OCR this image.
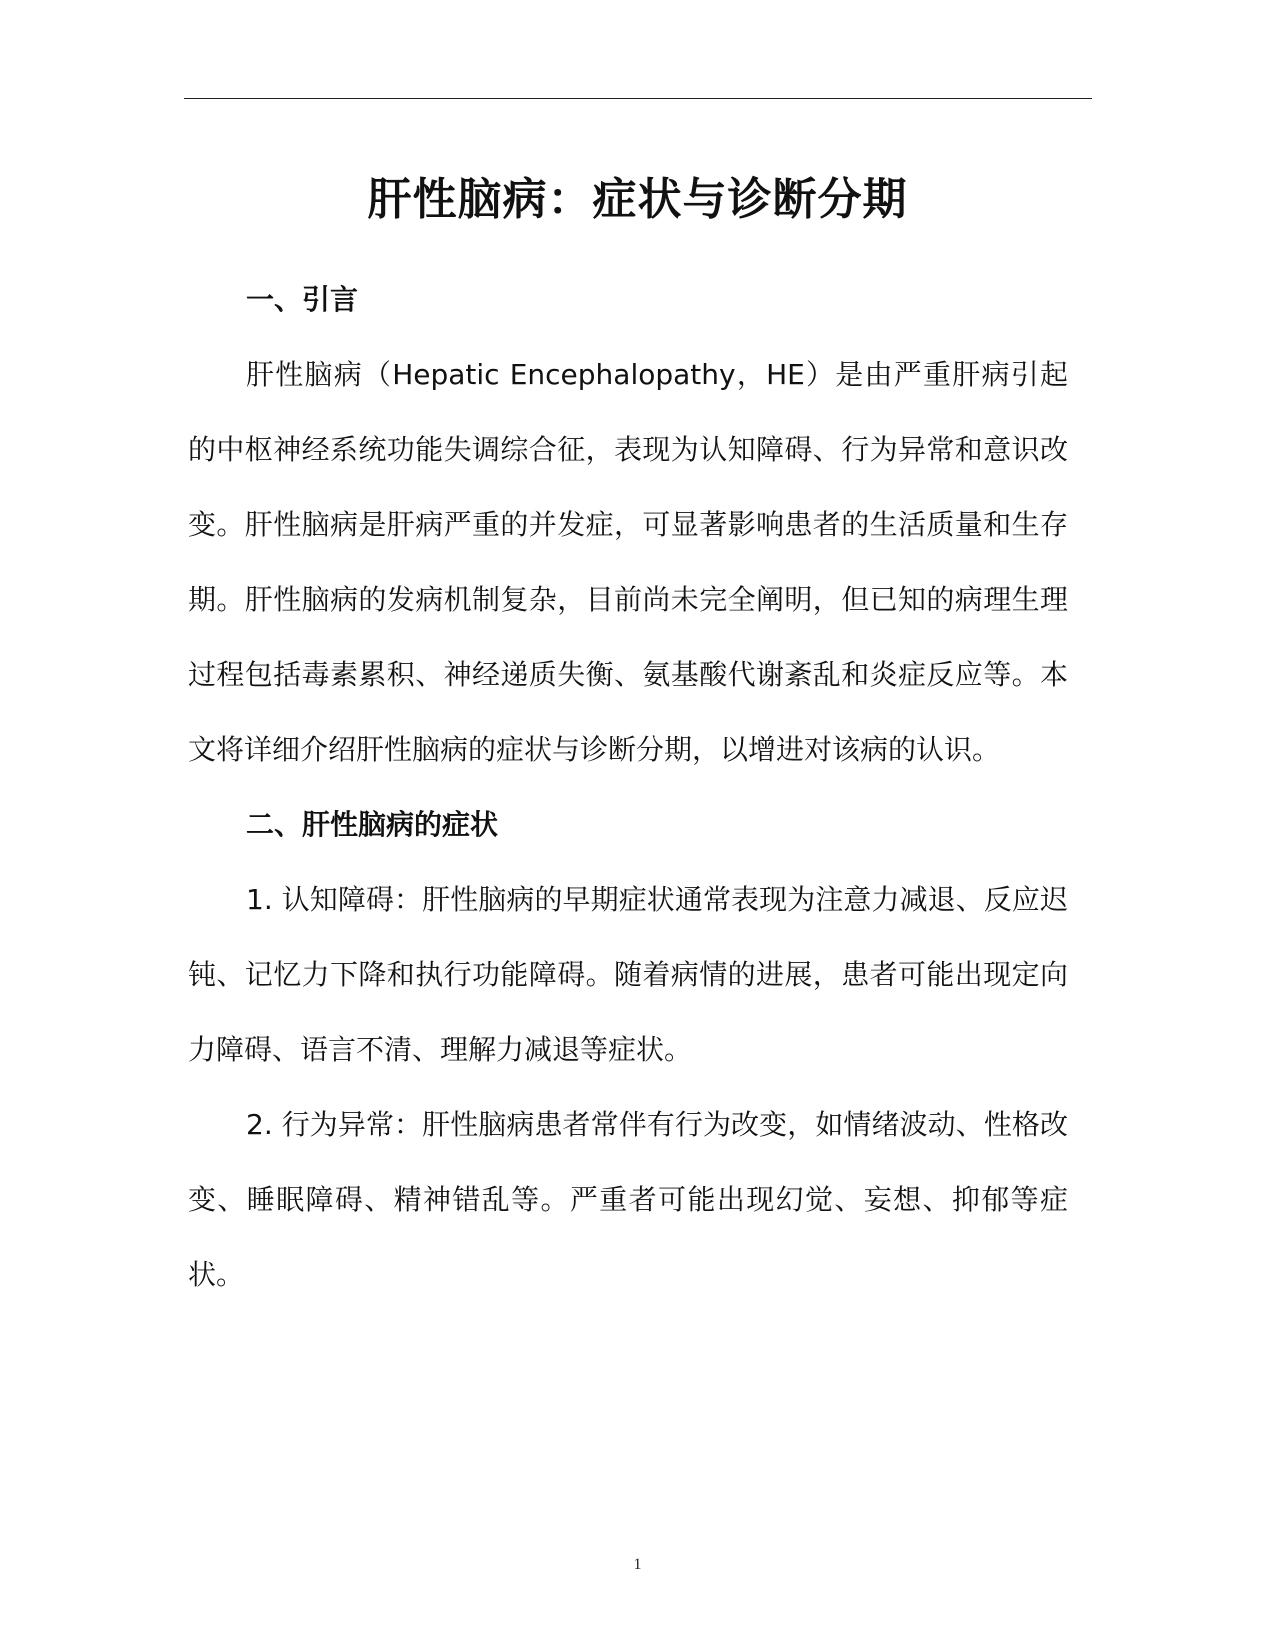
肝性脑病：症状与诊断分期
一、引言

肝性脑病（Hepatic Encephalopathy，HE）是由严重肝病引起的中枢神经系统功能失调综合征，表现为认知障碍、行为异常和意识改变。肝性脑病是肝病严重的并发症，可显著影响患者的生活质量和生存期。肝性脑病的发病机制复杂，目前尚未完全阐明，但已知的病理生理过程包括毒素累积、神经递质失衡、氨基酸代谢紊乱和炎症反应等。本文将详细介绍肝性脑病的症状与诊断分期，以增进对该病的认识。

二、肝性脑病的症状

1. 认知障碍：肝性脑病的早期症状通常表现为注意力减退、反应迟钝、记忆力下降和执行功能障碍。随着病情的进展，患者可能出现定向力障碍、语言不清、理解力减退等症状。

2. 行为异常：肝性脑病患者常伴有行为改变，如情绪波动、性格改变、睡眠障碍、精神错乱等。严重者可能出现幻觉、妄想、抑郁等症状。

1
